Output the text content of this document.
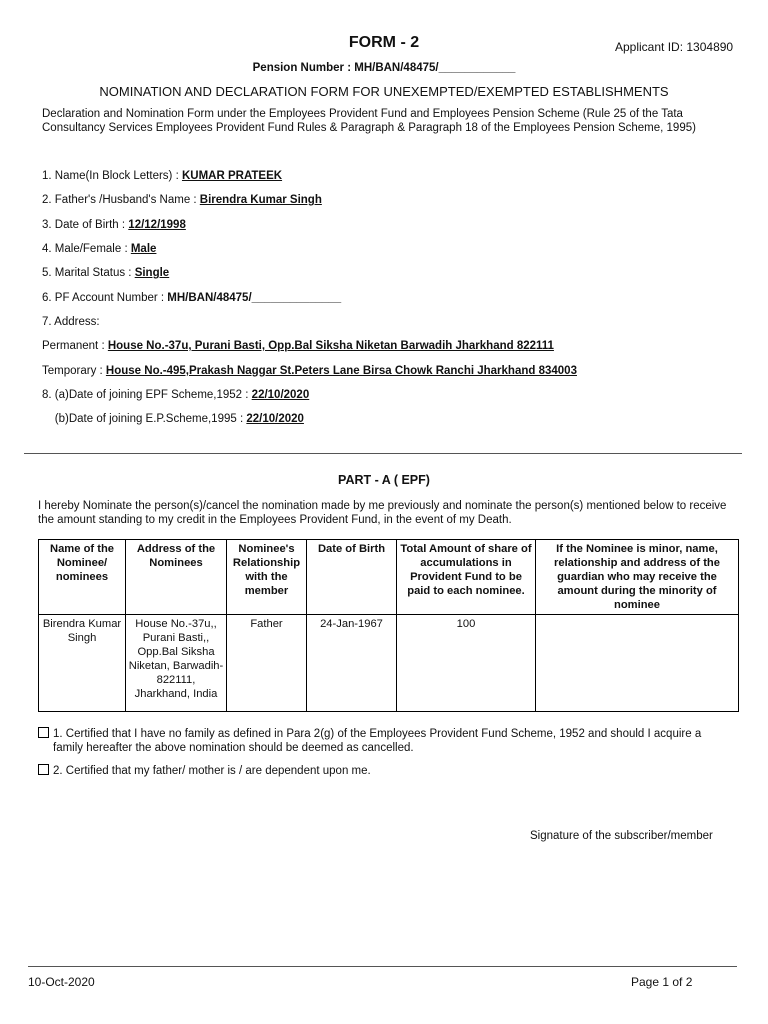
FORM - 2	Applicant ID: 1304890
Pension Number : MH/BAN/48475/____________
NOMINATION AND DECLARATION FORM FOR UNEXEMPTED/EXEMPTED ESTABLISHMENTS
Declaration and Nomination Form under the Employees Provident Fund and Employees Pension Scheme (Rule 25 of the Tata Consultancy Services Employees Provident Fund Rules & Paragraph & Paragraph 18 of the Employees Pension Scheme, 1995)
1. Name(In Block Letters) : KUMAR PRATEEK
2. Father's /Husband's Name : Birendra Kumar Singh
3. Date of Birth : 12/12/1998
4. Male/Female : Male
5. Marital Status : Single
6. PF Account Number : MH/BAN/48475/______________
7. Address:
Permanent : House No.-37u, Purani Basti, Opp.Bal Siksha Niketan Barwadih Jharkhand 822111
Temporary : House No.-495,Prakash Naggar St.Peters Lane Birsa Chowk Ranchi Jharkhand 834003
8. (a)Date of joining EPF Scheme,1952 : 22/10/2020
(b)Date of joining E.P.Scheme,1995 : 22/10/2020
PART - A ( EPF)
I hereby Nominate the person(s)/cancel the nomination made by me previously and nominate the person(s) mentioned below to receive the amount standing to my credit in the Employees Provident Fund, in the event of my Death.
Name of the Nominee/ nominees	Address of the Nominees	Nominee's Relationship with the member	Date of Birth	Total Amount of share of accumulations in Provident Fund to be paid to each nominee.	If the Nominee is minor, name, relationship and address of the guardian who may receive the amount during the minority of nominee
Birendra Kumar Singh	House No.-37u,, Purani Basti,, Opp.Bal Siksha Niketan, Barwadih-822111, Jharkhand, India	Father	24-Jan-1967	100	
1. Certified that I have no family as defined in Para 2(g) of the Employees Provident Fund Scheme, 1952 and should I acquire a family hereafter the above nomination should be deemed as cancelled.
2. Certified that my father/ mother is / are dependent upon me.
Signature of the subscriber/member
10-Oct-2020	Page 1 of 2
